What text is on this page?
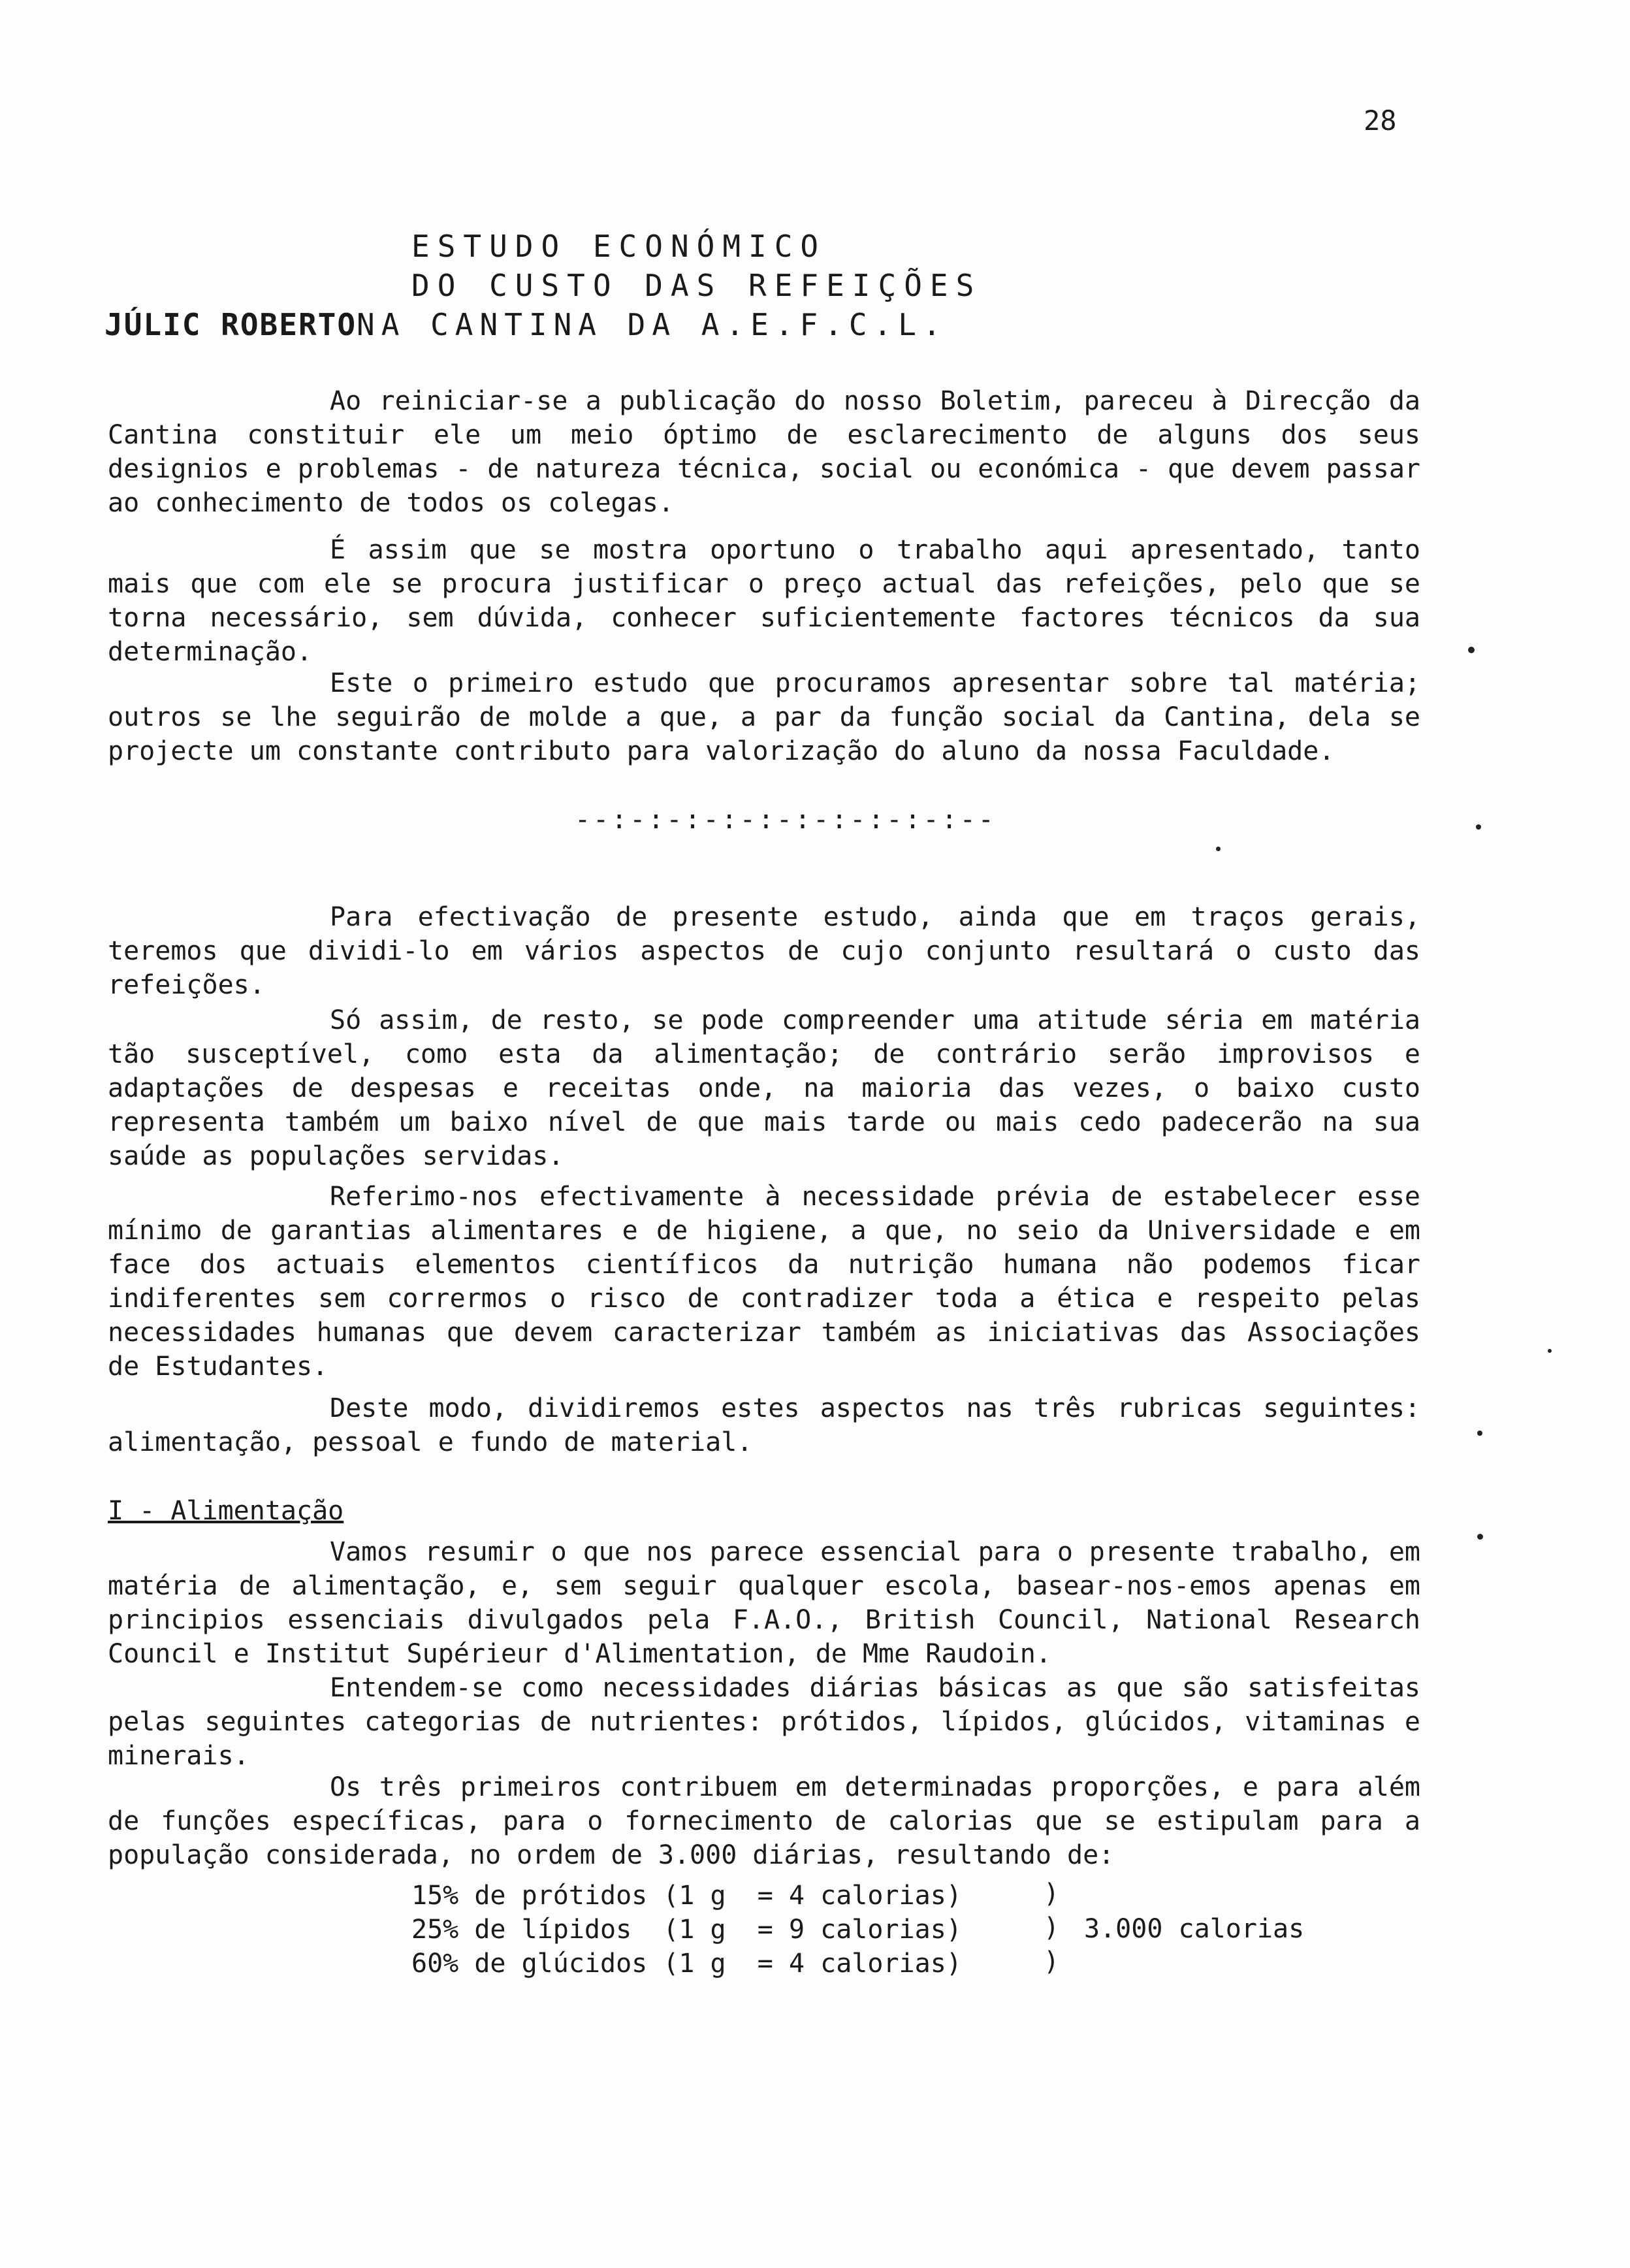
28
ESTUDO ECONÓMICO
DO CUSTO DAS REFEIÇÕES
JÚLIC ROBERTONA CANTINA DA A.E.F.C.L.

Ao reiniciar-se a publicação do nosso Boletim, pareceu à Direcção da Cantina constituir ele um meio óptimo de esclarecimento de alguns dos seus designios e problemas - de natureza técnica, social ou económica - que devem passar ao conhecimento de todos os colegas.

É assim que se mostra oportuno o trabalho aqui apresentado, tanto mais que com ele se procura justificar o preço actual das refeições, pelo que se torna necessário, sem dúvida, conhecer suficientemente factores técnicos da sua determinação.

Este o primeiro estudo que procuramos apresentar sobre tal matéria; outros se lhe seguirão de molde a que, a par da função social da Cantina, dela se projecte um constante contributo para valorização do aluno da nossa Faculdade.

--:-:-:-:-:-:-:-:-:-:--

Para efectivação de presente estudo, ainda que em traços gerais, teremos que dividi-lo em vários aspectos de cujo conjunto resultará o custo das refeições.

Só assim, de resto, se pode compreender uma atitude séria em matéria tão susceptível, como esta da alimentação; de contrário serão improvisos e adaptações de despesas e receitas onde, na maioria das vezes, o baixo custo representa também um baixo nível de que mais tarde ou mais cedo padecerão na sua saúde as populações servidas.

Referimo-nos efectivamente à necessidade prévia de estabelecer esse mínimo de garantias alimentares e de higiene, a que, no seio da Universidade e em face dos actuais elementos científicos da nutrição humana não podemos ficar indiferentes sem corrermos o risco de contradizer toda a ética e respeito pelas necessidades humanas que devem caracterizar também as iniciativas das Associações de Estudantes.

Deste modo, dividiremos estes aspectos nas três rubricas seguintes: alimentação, pessoal e fundo de material.

I - Alimentação

Vamos resumir o que nos parece essencial para o presente trabalho, em matéria de alimentação, e, sem seguir qualquer escola, basear-nos-emos apenas em principios essenciais divulgados pela F.A.O., British Council, National Research Council e Institut Supérieur d'Alimentation, de Mme Raudoin.

Entendem-se como necessidades diárias básicas as que são satisfeitas pelas seguintes categorias de nutrientes: prótidos, lípidos, glúcidos, vitaminas e minerais.

Os três primeiros contribuem em determinadas proporções, e para além de funções específicas, para o fornecimento de calorias que se estipulam para a população considerada, no ordem de 3.000 diárias, resultando de:

15% de prótidos (1 g  = 4 calorias)
25% de lípidos  (1 g  = 9 calorias)
60% de glúcidos (1 g  = 4 calorias)
)
)
)
3.000 calorias
